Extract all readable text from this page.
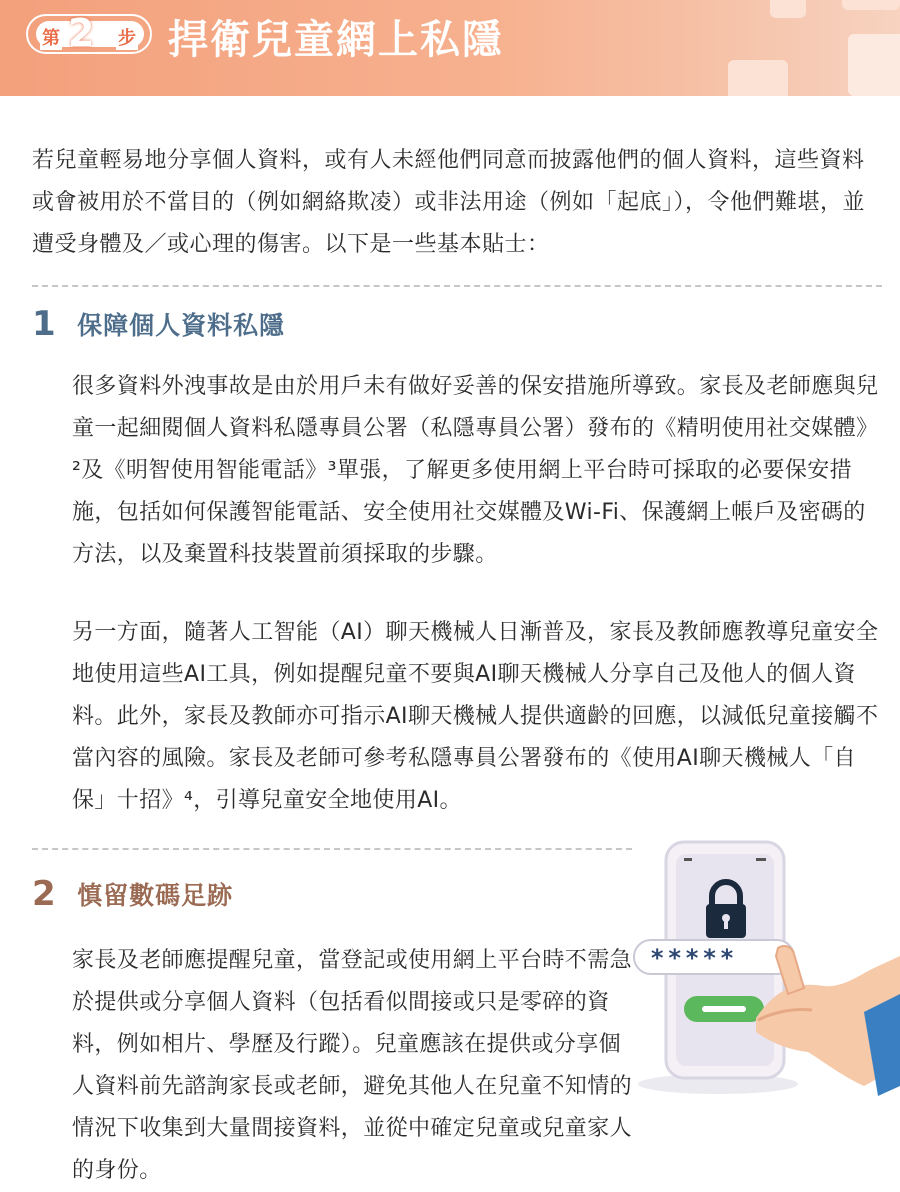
第 2 步 捍衛兒童網上私隱
若兒童輕易地分享個人資料，或有人未經他們同意而披露他們的個人資料，這些資料或會被用於不當目的（例如網絡欺凌）或非法用途（例如「起底」），令他們難堪，並遭受身體及／或心理的傷害。以下是一些基本貼士：
1 保障個人資料私隱
很多資料外洩事故是由於用戶未有做好妥善的保安措施所導致。家長及老師應與兒童一起細閱個人資料私隱專員公署（私隱專員公署）發布的《精明使用社交媒體》²及《明智使用智能電話》³單張，了解更多使用網上平台時可採取的必要保安措施，包括如何保護智能電話、安全使用社交媒體及Wi-Fi、保護網上帳戶及密碼的方法，以及棄置科技裝置前須採取的步驟。
另一方面，隨著人工智能（AI）聊天機械人日漸普及，家長及教師應教導兒童安全地使用這些AI工具，例如提醒兒童不要與AI聊天機械人分享自己及他人的個人資料。此外，家長及教師亦可指示AI聊天機械人提供適齡的回應，以減低兒童接觸不當內容的風險。家長及老師可參考私隱專員公署發布的《使用AI聊天機械人「自保」十招》⁴，引導兒童安全地使用AI。
2 慎留數碼足跡
家長及老師應提醒兒童，當登記或使用網上平台時不需急於提供或分享個人資料（包括看似間接或只是零碎的資料，例如相片、學歷及行蹤）。兒童應該在提供或分享個人資料前先諮詢家長或老師，避免其他人在兒童不知情的情況下收集到大量間接資料，並從中確定兒童或兒童家人的身份。
*****
